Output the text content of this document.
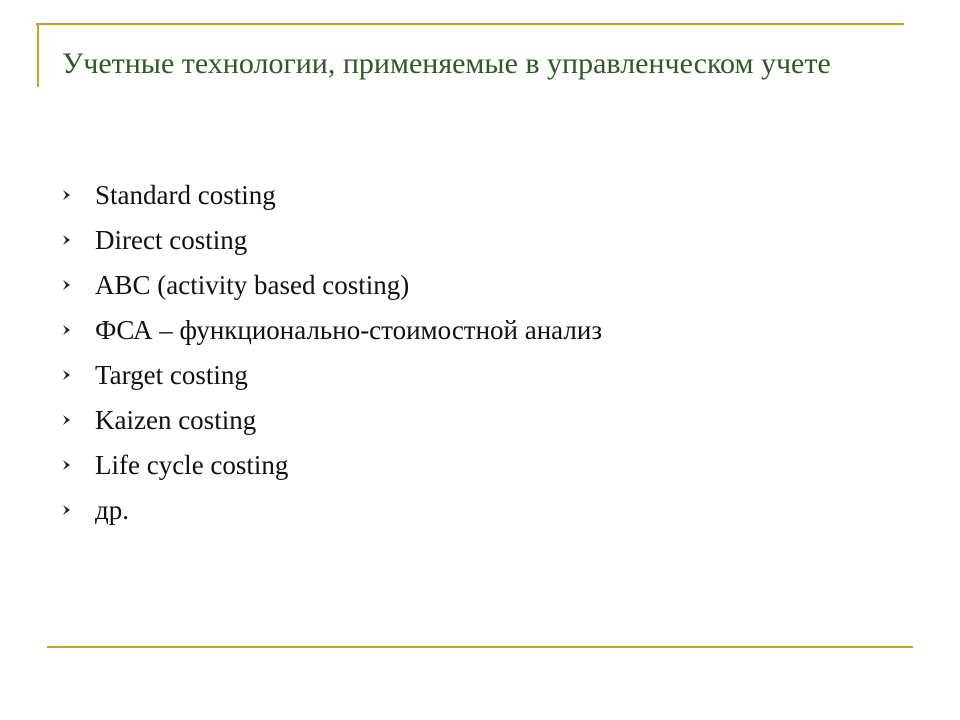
Учетные технологии, применяемые в управленческом учете
Standard costing
Direct costing
ABC (activity based costing)
ФСА – функционально-стоимостной анализ
Target costing
Kaizen costing
Life cycle costing
др.
